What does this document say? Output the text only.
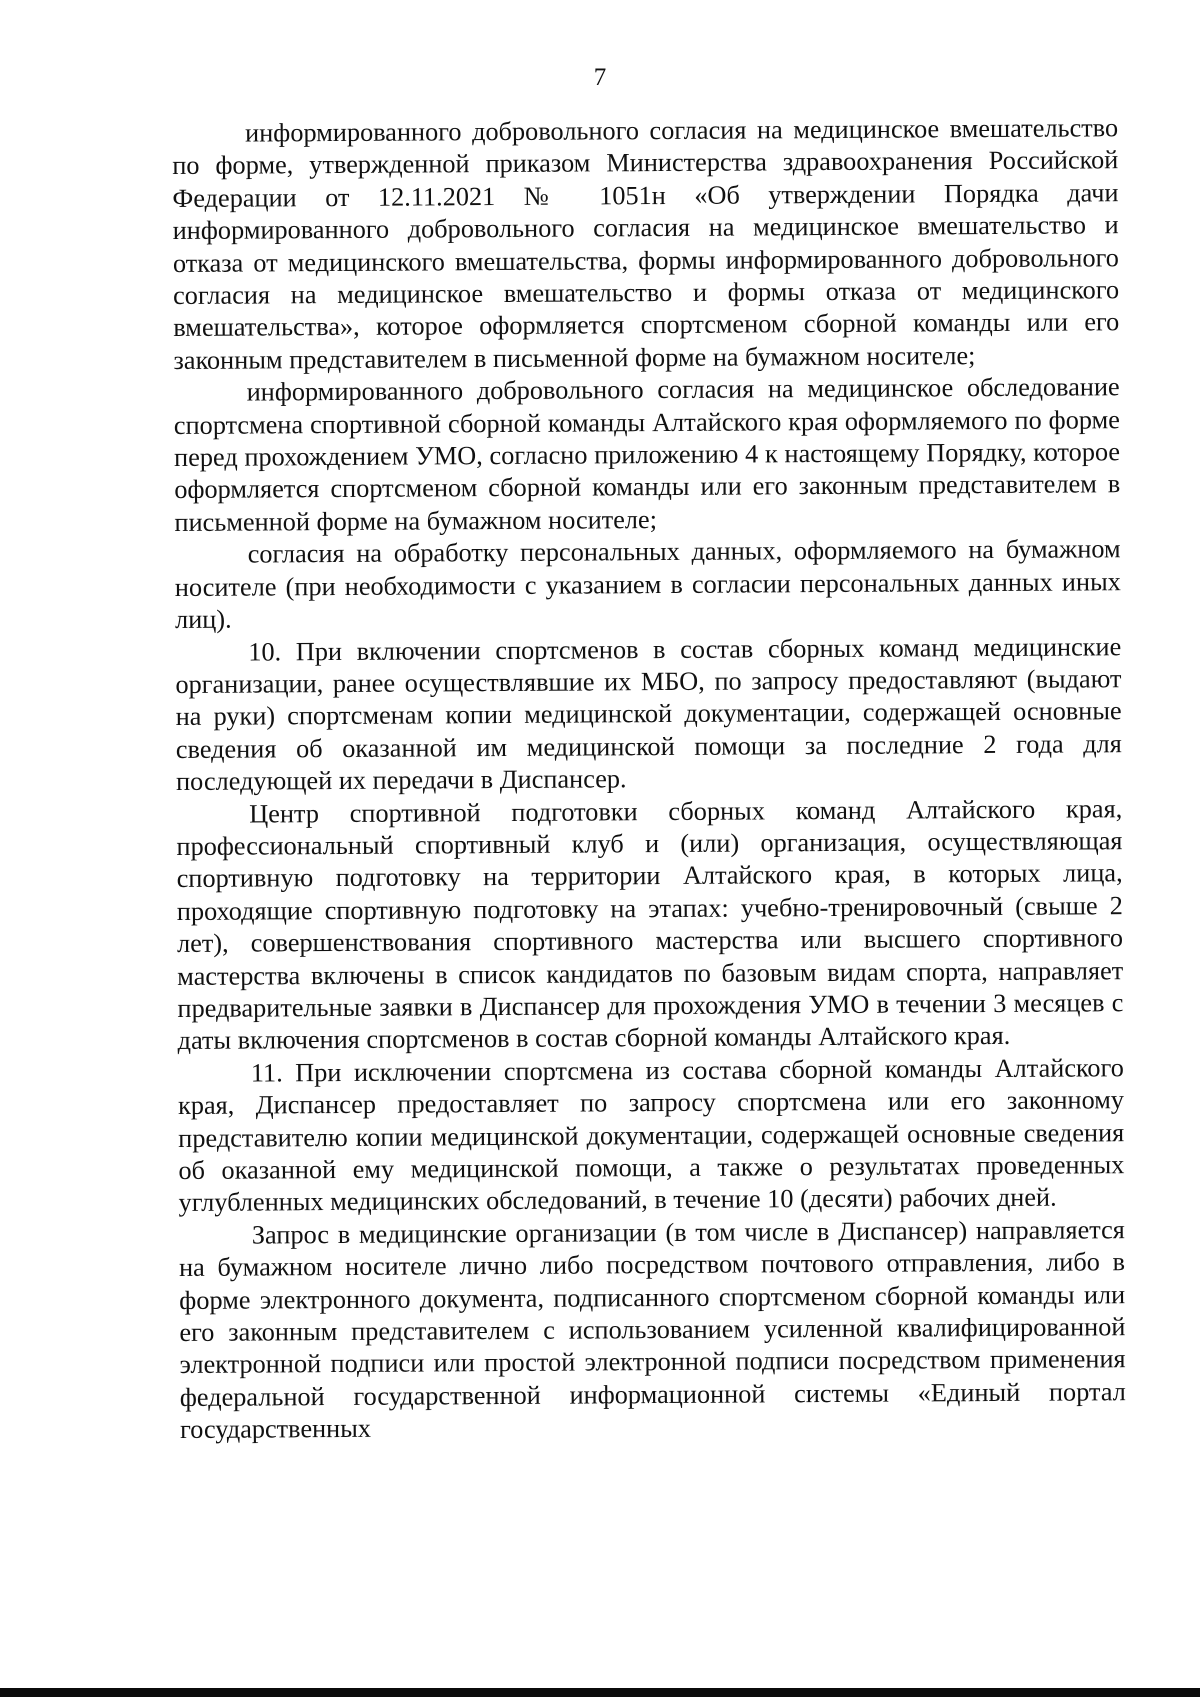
7

информированного добровольного согласия на медицинское вмешательство по форме, утвержденной приказом Министерства здравоохранения Российской Федерации от 12.11.2021 № 1051н «Об утверждении Порядка дачи информированного добровольного согласия на медицинское вмешательство и отказа от медицинского вмешательства, формы информированного добровольного согласия на медицинское вмешательство и формы отказа от медицинского вмешательства», которое оформляется спортсменом сборной команды или его законным представителем в письменной форме на бумажном носителе;

информированного добровольного согласия на медицинское обследование спортсмена спортивной сборной команды Алтайского края оформляемого по форме перед прохождением УМО, согласно приложению 4 к настоящему Порядку, которое оформляется спортсменом сборной команды или его законным представителем в письменной форме на бумажном носителе;

согласия на обработку персональных данных, оформляемого на бумажном носителе (при необходимости с указанием в согласии персональных данных иных лиц).

10. При включении спортсменов в состав сборных команд медицинские организации, ранее осуществлявшие их МБО, по запросу предоставляют (выдают на руки) спортсменам копии медицинской документации, содержащей основные сведения об оказанной им медицинской помощи за последние 2 года для последующей их передачи в Диспансер.

Центр спортивной подготовки сборных команд Алтайского края, профессиональный спортивный клуб и (или) организация, осуществляющая спортивную подготовку на территории Алтайского края, в которых лица, проходящие спортивную подготовку на этапах: учебно-тренировочный (свыше 2 лет), совершенствования спортивного мастерства или высшего спортивного мастерства включены в список кандидатов по базовым видам спорта, направляет предварительные заявки в Диспансер для прохождения УМО в течении 3 месяцев с даты включения спортсменов в состав сборной команды Алтайского края.

11. При исключении спортсмена из состава сборной команды Алтайского края, Диспансер предоставляет по запросу спортсмена или его законному представителю копии медицинской документации, содержащей основные сведения об оказанной ему медицинской помощи, а также о результатах проведенных углубленных медицинских обследований, в течение 10 (десяти) рабочих дней.

Запрос в медицинские организации (в том числе в Диспансер) направляется на бумажном носителе лично либо посредством почтового отправления, либо в форме электронного документа, подписанного спортсменом сборной команды или его законным представителем с использованием усиленной квалифицированной электронной подписи или простой электронной подписи посредством применения федеральной государственной информационной системы «Единый портал государственных
